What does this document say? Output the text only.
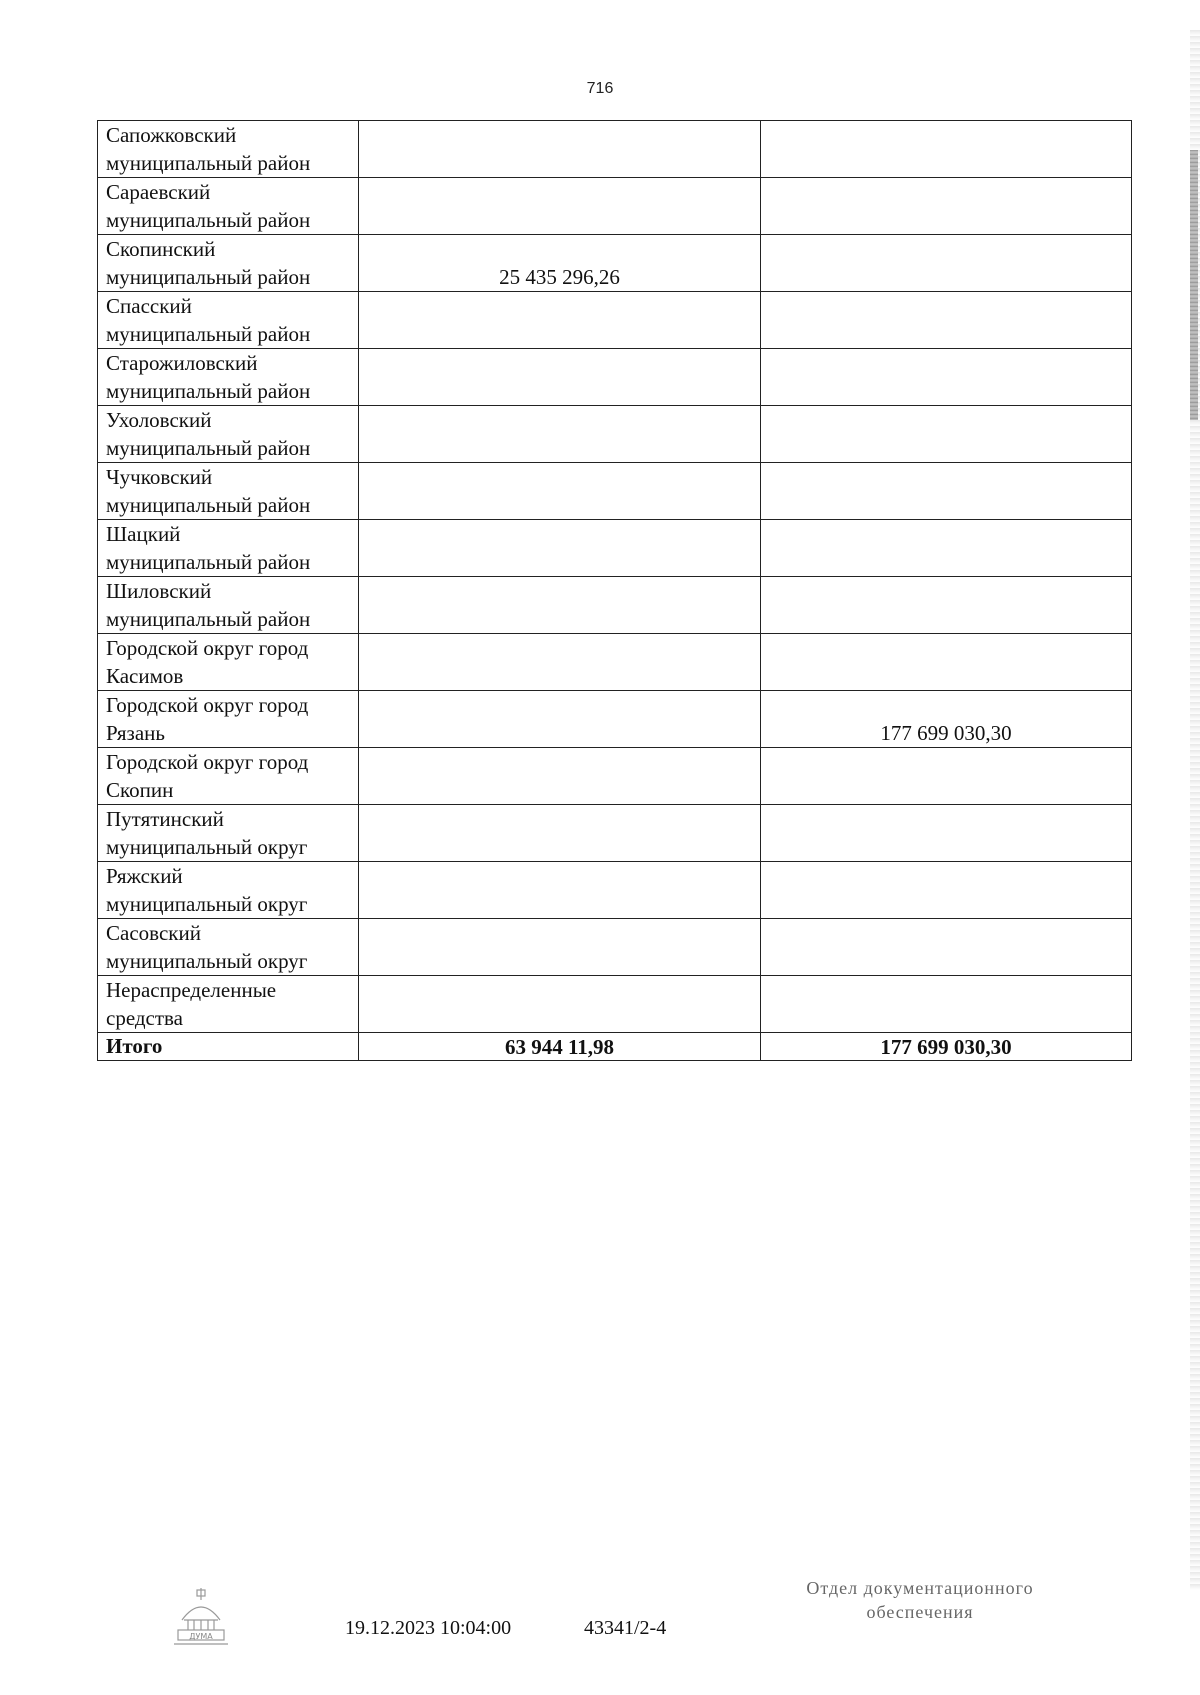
716
Сапожковский
муниципальный район		

Сараевский
муниципальный район		

Скопинский
муниципальный район	25 435 296,26	

Спасский
муниципальный район		

Старожиловский
муниципальный район		

Ухоловский
муниципальный район		

Чучковский
муниципальный район		

Шацкий
муниципальный район		

Шиловский
муниципальный район		

Городской округ город
Касимов		

Городской округ город
Рязань		177 699 030,30

Городской округ город
Скопин		

Путятинский
муниципальный округ		

Ряжский
муниципальный округ		

Сасовский
муниципальный округ		

Нераспределенные
средства		

Итого	63 944 11,98	177 699 030,30
ДУМА	19.12.2023 10:04:00	43341/2-4
Отдел документационного
обеспечения
